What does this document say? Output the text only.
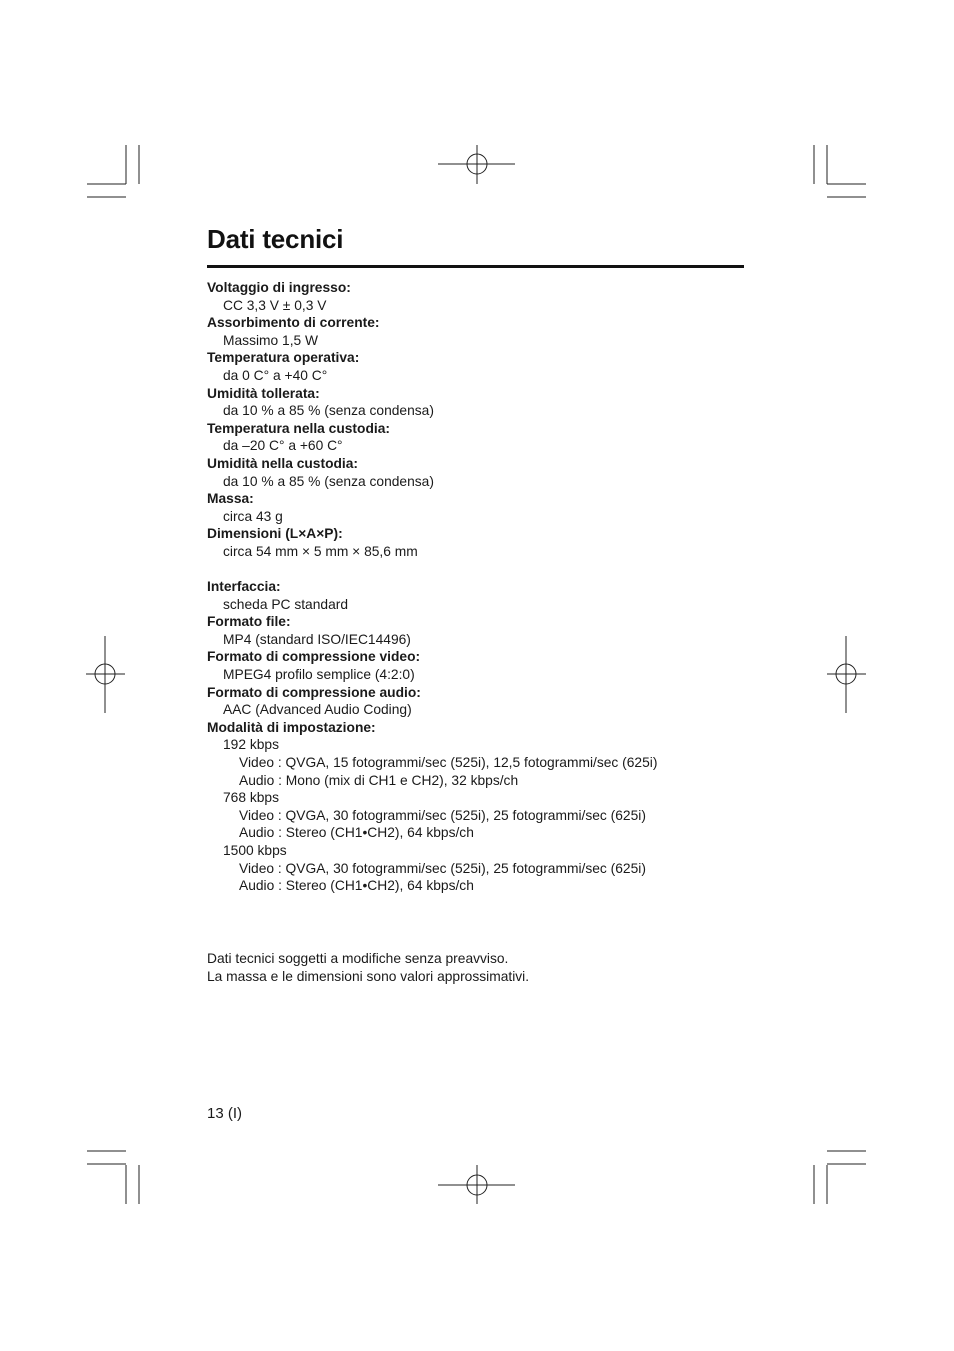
Dati tecnici
Voltaggio di ingresso:
CC 3,3 V ± 0,3 V
Assorbimento di corrente:
Massimo 1,5 W
Temperatura operativa:
da 0 C° a +40 C°
Umidità tollerata:
da 10 % a 85 % (senza condensa)
Temperatura nella custodia:
da –20 C° a +60 C°
Umidità nella custodia:
da 10 % a 85 % (senza condensa)
Massa:
circa 43 g
Dimensioni (L×A×P):
circa 54 mm × 5 mm × 85,6 mm
Interfaccia:
scheda PC standard
Formato file:
MP4 (standard ISO/IEC14496)
Formato di compressione video:
MPEG4 profilo semplice (4:2:0)
Formato di compressione audio:
AAC (Advanced Audio Coding)
Modalità di impostazione:
192 kbps
Video : QVGA, 15 fotogrammi/sec (525i), 12,5 fotogrammi/sec (625i)
Audio : Mono (mix di CH1 e CH2), 32 kbps/ch
768 kbps
Video : QVGA, 30 fotogrammi/sec (525i), 25 fotogrammi/sec (625i)
Audio : Stereo (CH1•CH2), 64 kbps/ch
1500 kbps
Video : QVGA, 30 fotogrammi/sec (525i), 25 fotogrammi/sec (625i)
Audio : Stereo (CH1•CH2), 64 kbps/ch
Dati tecnici soggetti a modifiche senza preavviso.
La massa e le dimensioni sono valori approssimativi.
13 (I)
